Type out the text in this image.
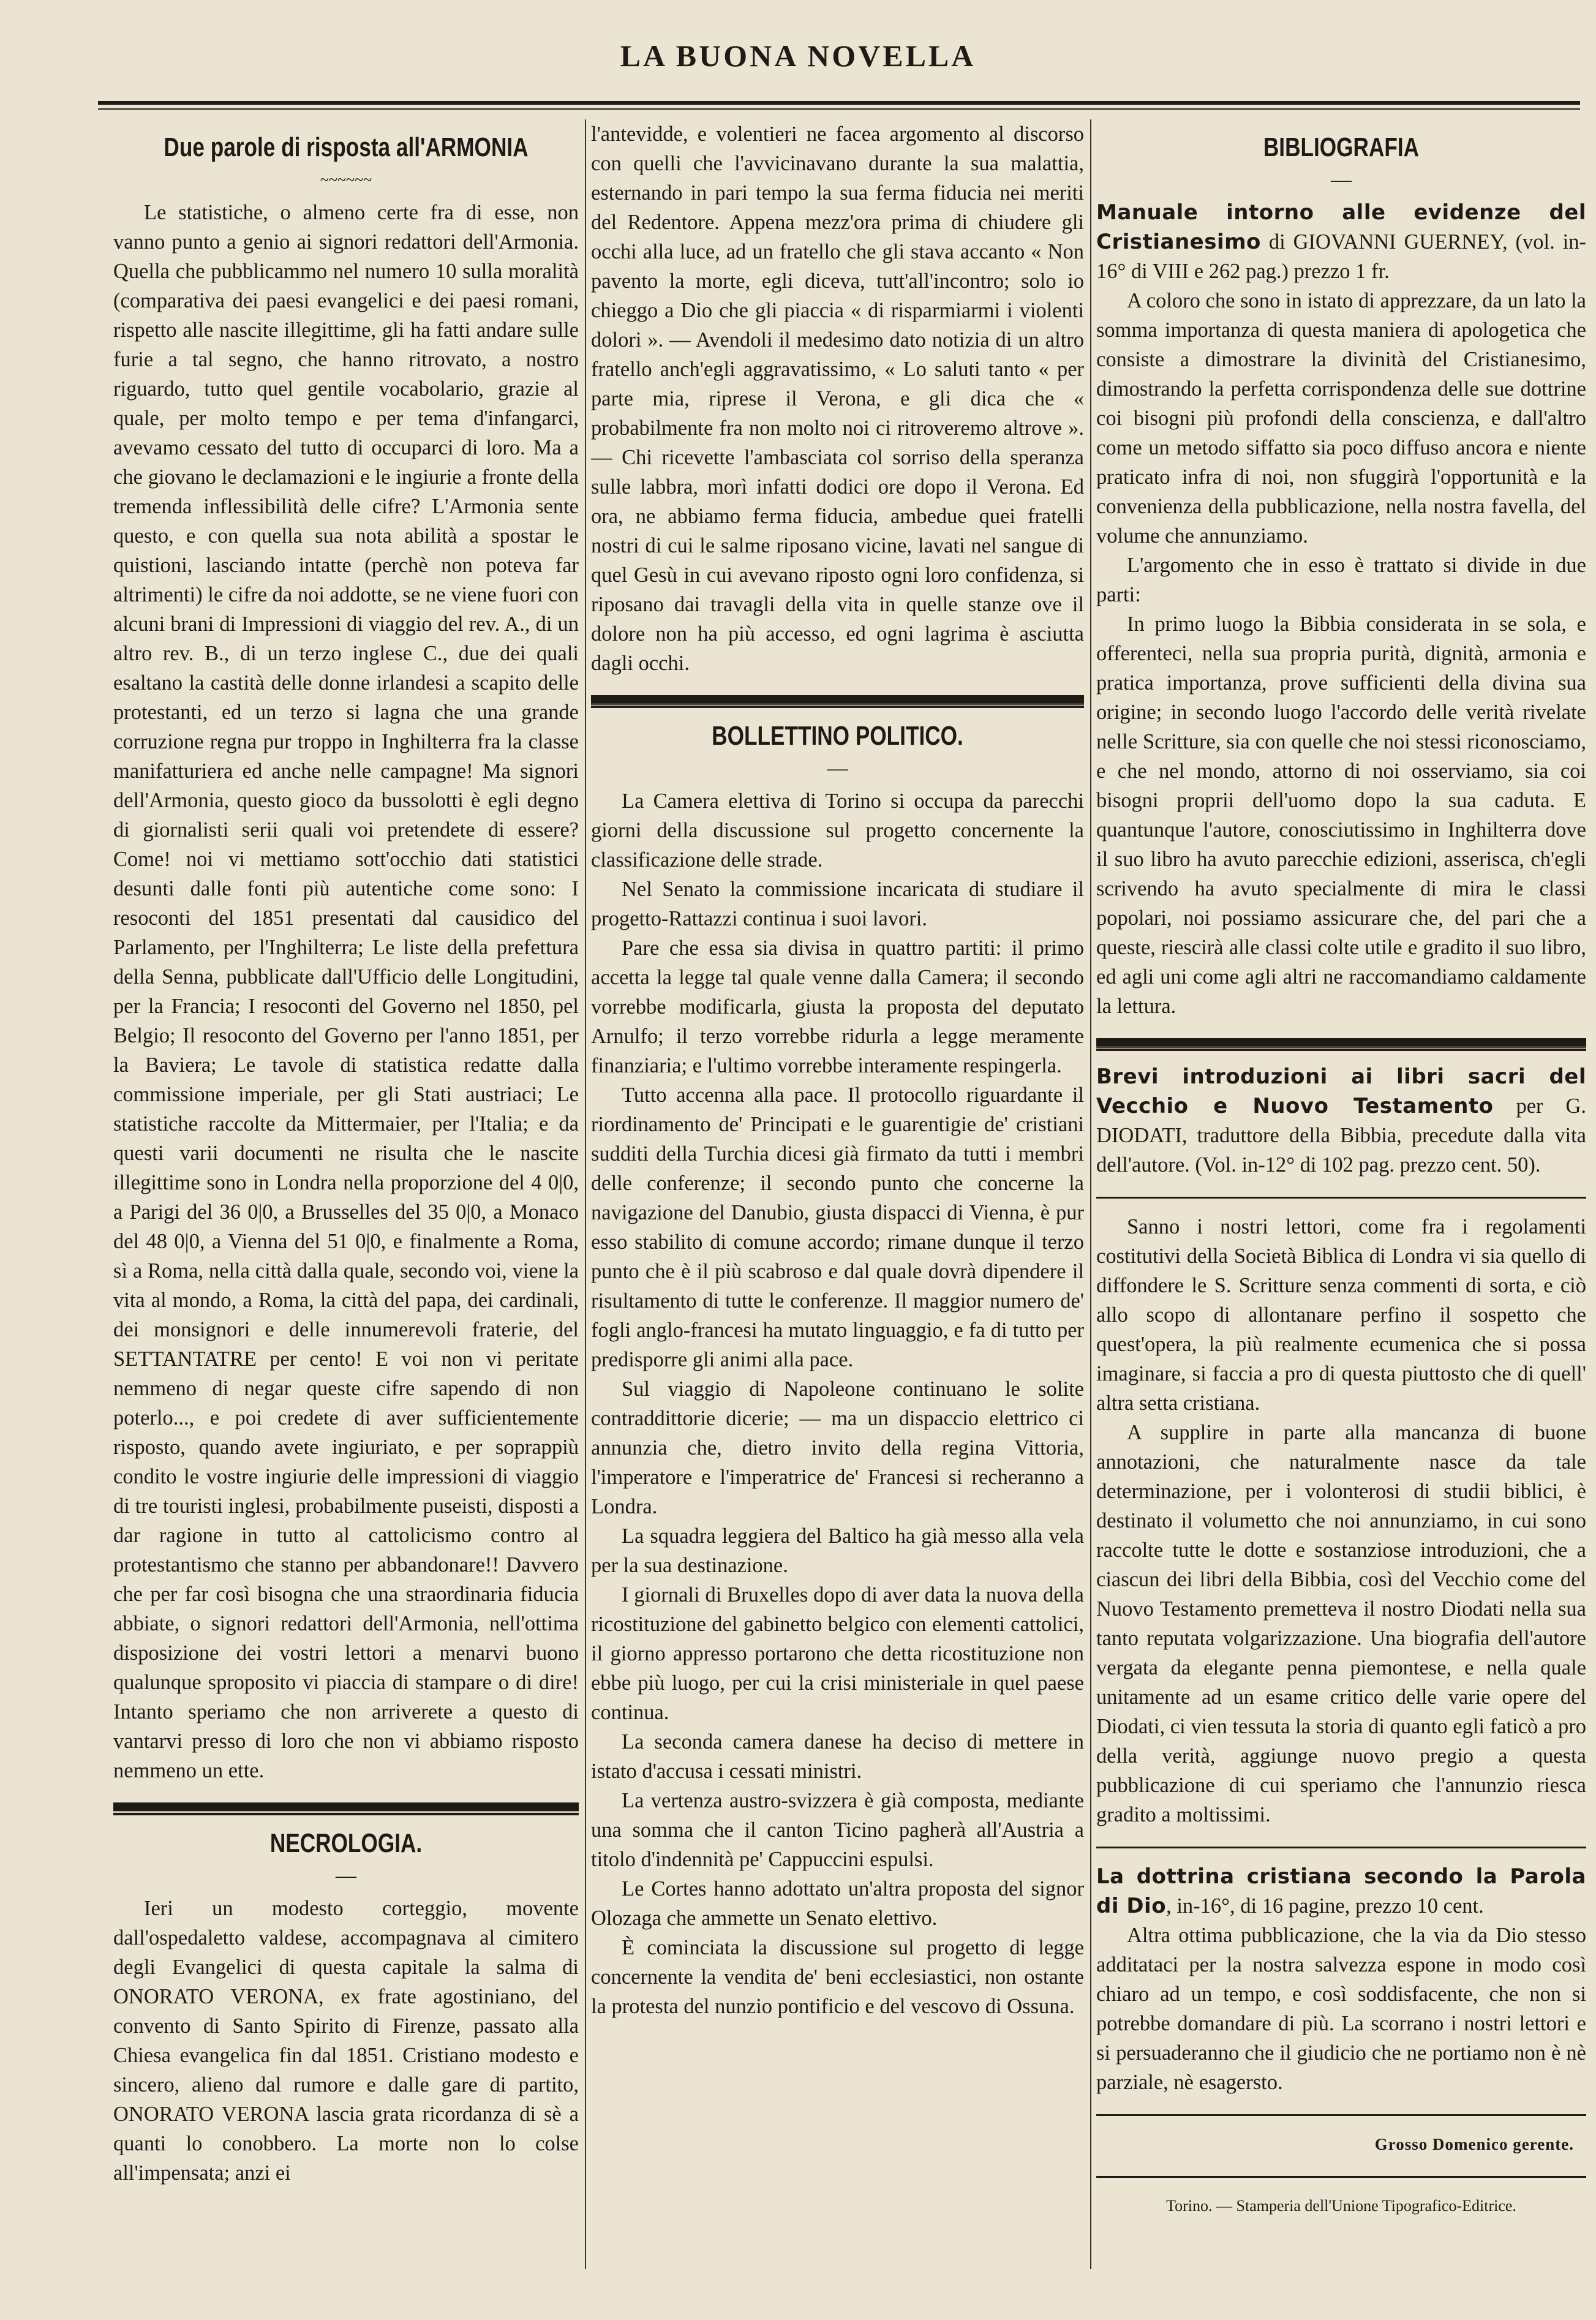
LA BUONA NOVELLA
Due parole di risposta all'ARMONIA
~~~~~~

Le statistiche, o almeno certe fra di esse, non vanno punto a genio ai signori redattori dell'Armonia. Quella che pubblicammo nel numero 10 sulla moralità (comparativa dei paesi evangelici e dei paesi romani, rispetto alle nascite illegittime, gli ha fatti andare sulle furie a tal segno, che hanno ritrovato, a nostro riguardo, tutto quel gentile vocabolario, grazie al quale, per molto tempo e per tema d'infangarci, avevamo cessato del tutto di occuparci di loro. Ma a che giovano le declamazioni e le ingiurie a fronte della tremenda inflessibilità delle cifre? L'Armonia sente questo, e con quella sua nota abilità a spostar le quistioni, lasciando intatte (perchè non poteva far altrimenti) le cifre da noi addotte, se ne viene fuori con alcuni brani di Impressioni di viaggio del rev. A., di un altro rev. B., di un terzo inglese C., due dei quali esaltano la castità delle donne irlandesi a scapito delle protestanti, ed un terzo si lagna che una grande corruzione regna pur troppo in Inghilterra fra la classe manifatturiera ed anche nelle campagne! Ma signori dell'Armonia, questo gioco da bussolotti è egli degno di giornalisti serii quali voi pretendete di essere? Come! noi vi mettiamo sott'occhio dati statistici desunti dalle fonti più autentiche come sono: I resoconti del 1851 presentati dal causidico del Parlamento, per l'Inghilterra; Le liste della prefettura della Senna, pubblicate dall'Ufficio delle Longitudini, per la Francia; I resoconti del Governo nel 1850, pel Belgio; Il resoconto del Governo per l'anno 1851, per la Baviera; Le tavole di statistica redatte dalla commissione imperiale, per gli Stati austriaci; Le statistiche raccolte da Mittermaier, per l'Italia; e da questi varii documenti ne risulta che le nascite illegittime sono in Londra nella proporzione del 4 0|0, a Parigi del 36 0|0, a Brusselles del 35 0|0, a Monaco del 48 0|0, a Vienna del 51 0|0, e finalmente a Roma, sì a Roma, nella città dalla quale, secondo voi, viene la vita al mondo, a Roma, la città del papa, dei cardinali, dei monsignori e delle innumerevoli fraterie, del SETTANTATRE per cento! E voi non vi peritate nemmeno di negar queste cifre sapendo di non poterlo..., e poi credete di aver sufficientemente risposto, quando avete ingiuriato, e per soprappiù condito le vostre ingiurie delle impressioni di viaggio di tre touristi inglesi, probabilmente puseisti, disposti a dar ragione in tutto al cattolicismo contro al protestantismo che stanno per abbandonare!! Davvero che per far così bisogna che una straordinaria fiducia abbiate, o signori redattori dell'Armonia, nell'ottima disposizione dei vostri lettori a menarvi buono qualunque sproposito vi piaccia di stampare o di dire! Intanto speriamo che non arriverete a questo di vantarvi presso di loro che non vi abbiamo risposto nemmeno un ette.

NECROLOGIA.
—

Ieri un modesto corteggio, movente dall'ospedaletto valdese, accompagnava al cimitero degli Evangelici di questa capitale la salma di ONORATO VERONA, ex frate agostiniano, del convento di Santo Spirito di Firenze, passato alla Chiesa evangelica fin dal 1851. Cristiano modesto e sincero, alieno dal rumore e dalle gare di partito, ONORATO VERONA lascia grata ricordanza di sè a quanti lo conobbero. La morte non lo colse all'impensata; anzi ei

l'antevidde, e volentieri ne facea argomento al discorso con quelli che l'avvicinavano durante la sua malattia, esternando in pari tempo la sua ferma fiducia nei meriti del Redentore. Appena mezz'ora prima di chiudere gli occhi alla luce, ad un fratello che gli stava accanto « Non pavento la morte, egli diceva, tutt'all'incontro; solo io chieggo a Dio che gli piaccia « di risparmiarmi i violenti dolori ». — Avendoli il medesimo dato notizia di un altro fratello anch'egli aggravatissimo, « Lo saluti tanto « per parte mia, riprese il Verona, e gli dica che « probabilmente fra non molto noi ci ritroveremo altrove ». — Chi ricevette l'ambasciata col sorriso della speranza sulle labbra, morì infatti dodici ore dopo il Verona. Ed ora, ne abbiamo ferma fiducia, ambedue quei fratelli nostri di cui le salme riposano vicine, lavati nel sangue di quel Gesù in cui avevano riposto ogni loro confidenza, si riposano dai travagli della vita in quelle stanze ove il dolore non ha più accesso, ed ogni lagrima è asciutta dagli occhi.

BOLLETTINO POLITICO.
—

La Camera elettiva di Torino si occupa da parecchi giorni della discussione sul progetto concernente la classificazione delle strade.

Nel Senato la commissione incaricata di studiare il progetto-Rattazzi continua i suoi lavori.

Pare che essa sia divisa in quattro partiti: il primo accetta la legge tal quale venne dalla Camera; il secondo vorrebbe modificarla, giusta la proposta del deputato Arnulfo; il terzo vorrebbe ridurla a legge meramente finanziaria; e l'ultimo vorrebbe interamente respingerla.

Tutto accenna alla pace. Il protocollo riguardante il riordinamento de' Principati e le guarentigie de' cristiani sudditi della Turchia dicesi già firmato da tutti i membri delle conferenze; il secondo punto che concerne la navigazione del Danubio, giusta dispacci di Vienna, è pur esso stabilito di comune accordo; rimane dunque il terzo punto che è il più scabroso e dal quale dovrà dipendere il risultamento di tutte le conferenze. Il maggior numero de' fogli anglo-francesi ha mutato linguaggio, e fa di tutto per predisporre gli animi alla pace.

Sul viaggio di Napoleone continuano le solite contraddittorie dicerie; — ma un dispaccio elettrico ci annunzia che, dietro invito della regina Vittoria, l'imperatore e l'imperatrice de' Francesi si recheranno a Londra.

La squadra leggiera del Baltico ha già messo alla vela per la sua destinazione.

I giornali di Bruxelles dopo di aver data la nuova della ricostituzione del gabinetto belgico con elementi cattolici, il giorno appresso portarono che detta ricostituzione non ebbe più luogo, per cui la crisi ministeriale in quel paese continua.

La seconda camera danese ha deciso di mettere in istato d'accusa i cessati ministri.

La vertenza austro-svizzera è già composta, mediante una somma che il canton Ticino pagherà all'Austria a titolo d'indennità pe' Cappuccini espulsi.

Le Cortes hanno adottato un'altra proposta del signor Olozaga che ammette un Senato elettivo.

È cominciata la discussione sul progetto di legge concernente la vendita de' beni ecclesiastici, non ostante la protesta del nunzio pontificio e del vescovo di Ossuna.

BIBLIOGRAFIA
—

Manuale intorno alle evidenze del Cristianesimo di GIOVANNI GUERNEY, (vol. in-16° di VIII e 262 pag.) prezzo 1 fr.

A coloro che sono in istato di apprezzare, da un lato la somma importanza di questa maniera di apologetica che consiste a dimostrare la divinità del Cristianesimo, dimostrando la perfetta corrispondenza delle sue dottrine coi bisogni più profondi della conscienza, e dall'altro come un metodo siffatto sia poco diffuso ancora e niente praticato infra di noi, non sfuggirà l'opportunità e la convenienza della pubblicazione, nella nostra favella, del volume che annunziamo.

L'argomento che in esso è trattato si divide in due parti:

In primo luogo la Bibbia considerata in se sola, e offerenteci, nella sua propria purità, dignità, armonia e pratica importanza, prove sufficienti della divina sua origine; in secondo luogo l'accordo delle verità rivelate nelle Scritture, sia con quelle che noi stessi riconosciamo, e che nel mondo, attorno di noi osserviamo, sia coi bisogni proprii dell'uomo dopo la sua caduta. E quantunque l'autore, conosciutissimo in Inghilterra dove il suo libro ha avuto parecchie edizioni, asserisca, ch'egli scrivendo ha avuto specialmente di mira le classi popolari, noi possiamo assicurare che, del pari che a queste, riescirà alle classi colte utile e gradito il suo libro, ed agli uni come agli altri ne raccomandiamo caldamente la lettura.

Brevi introduzioni ai libri sacri del Vecchio e Nuovo Testamento per G. DIODATI, traduttore della Bibbia, precedute dalla vita dell'autore. (Vol. in-12° di 102 pag. prezzo cent. 50).

Sanno i nostri lettori, come fra i regolamenti costitutivi della Società Biblica di Londra vi sia quello di diffondere le S. Scritture senza commenti di sorta, e ciò allo scopo di allontanare perfino il sospetto che quest'opera, la più realmente ecumenica che si possa imaginare, si faccia a pro di questa piuttosto che di quell' altra setta cristiana.

A supplire in parte alla mancanza di buone annotazioni, che naturalmente nasce da tale determinazione, per i volonterosi di studii biblici, è destinato il volumetto che noi annunziamo, in cui sono raccolte tutte le dotte e sostanziose introduzioni, che a ciascun dei libri della Bibbia, così del Vecchio come del Nuovo Testamento premetteva il nostro Diodati nella sua tanto reputata volgarizzazione. Una biografia dell'autore vergata da elegante penna piemontese, e nella quale unitamente ad un esame critico delle varie opere del Diodati, ci vien tessuta la storia di quanto egli faticò a pro della verità, aggiunge nuovo pregio a questa pubblicazione di cui speriamo che l'annunzio riesca gradito a moltissimi.

La dottrina cristiana secondo la Parola di Dio, in-16°, di 16 pagine, prezzo 10 cent.

Altra ottima pubblicazione, che la via da Dio stesso additataci per la nostra salvezza espone in modo così chiaro ad un tempo, e così soddisfacente, che non si potrebbe domandare di più. La scorrano i nostri lettori e si persuaderanno che il giudicio che ne portiamo non è nè parziale, nè esagersto.

Grosso Domenico gerente.
Torino. — Stamperia dell'Unione Tipografico-Editrice.
